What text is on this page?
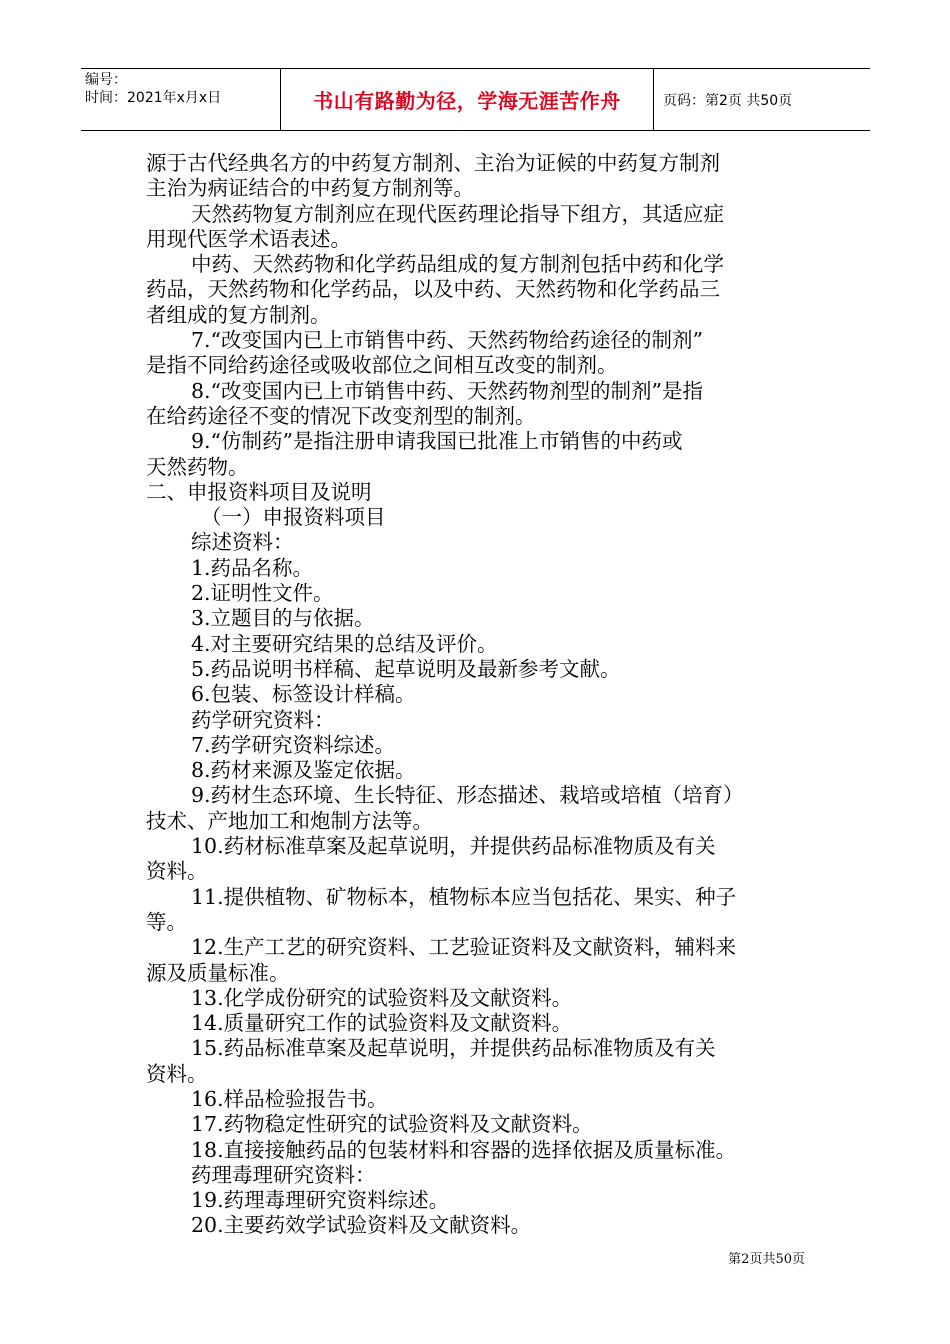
编号：
时间：2021年x月x日	书山有路勤为径，学海无涯苦作舟	页码：第2页 共50页

源于古代经典名方的中药复方制剂、主治为证候的中药复方制剂

主治为病证结合的中药复方制剂等。

天然药物复方制剂应在现代医药理论指导下组方，其适应症

用现代医学术语表述。

中药、天然药物和化学药品组成的复方制剂包括中药和化学

药品，天然药物和化学药品，以及中药、天然药物和化学药品三

者组成的复方制剂。

7.“改变国内已上市销售中药、天然药物给药途径的制剂”

是指不同给药途径或吸收部位之间相互改变的制剂。

8.“改变国内已上市销售中药、天然药物剂型的制剂”是指

在给药途径不变的情况下改变剂型的制剂。

9.“仿制药”是指注册申请我国已批准上市销售的中药或

天然药物。

二、申报资料项目及说明

（一）申报资料项目

综述资料：

1.药品名称。

2.证明性文件。

3.立题目的与依据。

4.对主要研究结果的总结及评价。

5.药品说明书样稿、起草说明及最新参考文献。

6.包装、标签设计样稿。

药学研究资料：

7.药学研究资料综述。

8.药材来源及鉴定依据。

9.药材生态环境、生长特征、形态描述、栽培或培植（培育）

技术、产地加工和炮制方法等。

10.药材标准草案及起草说明，并提供药品标准物质及有关

资料。

11.提供植物、矿物标本，植物标本应当包括花、果实、种子

等。

12.生产工艺的研究资料、工艺验证资料及文献资料，辅料来

源及质量标准。

13.化学成份研究的试验资料及文献资料。

14.质量研究工作的试验资料及文献资料。

15.药品标准草案及起草说明，并提供药品标准物质及有关

资料。

16.样品检验报告书。

17.药物稳定性研究的试验资料及文献资料。

18.直接接触药品的包装材料和容器的选择依据及质量标准。

药理毒理研究资料：

19.药理毒理研究资料综述。

20.主要药效学试验资料及文献资料。

第2页共50页
